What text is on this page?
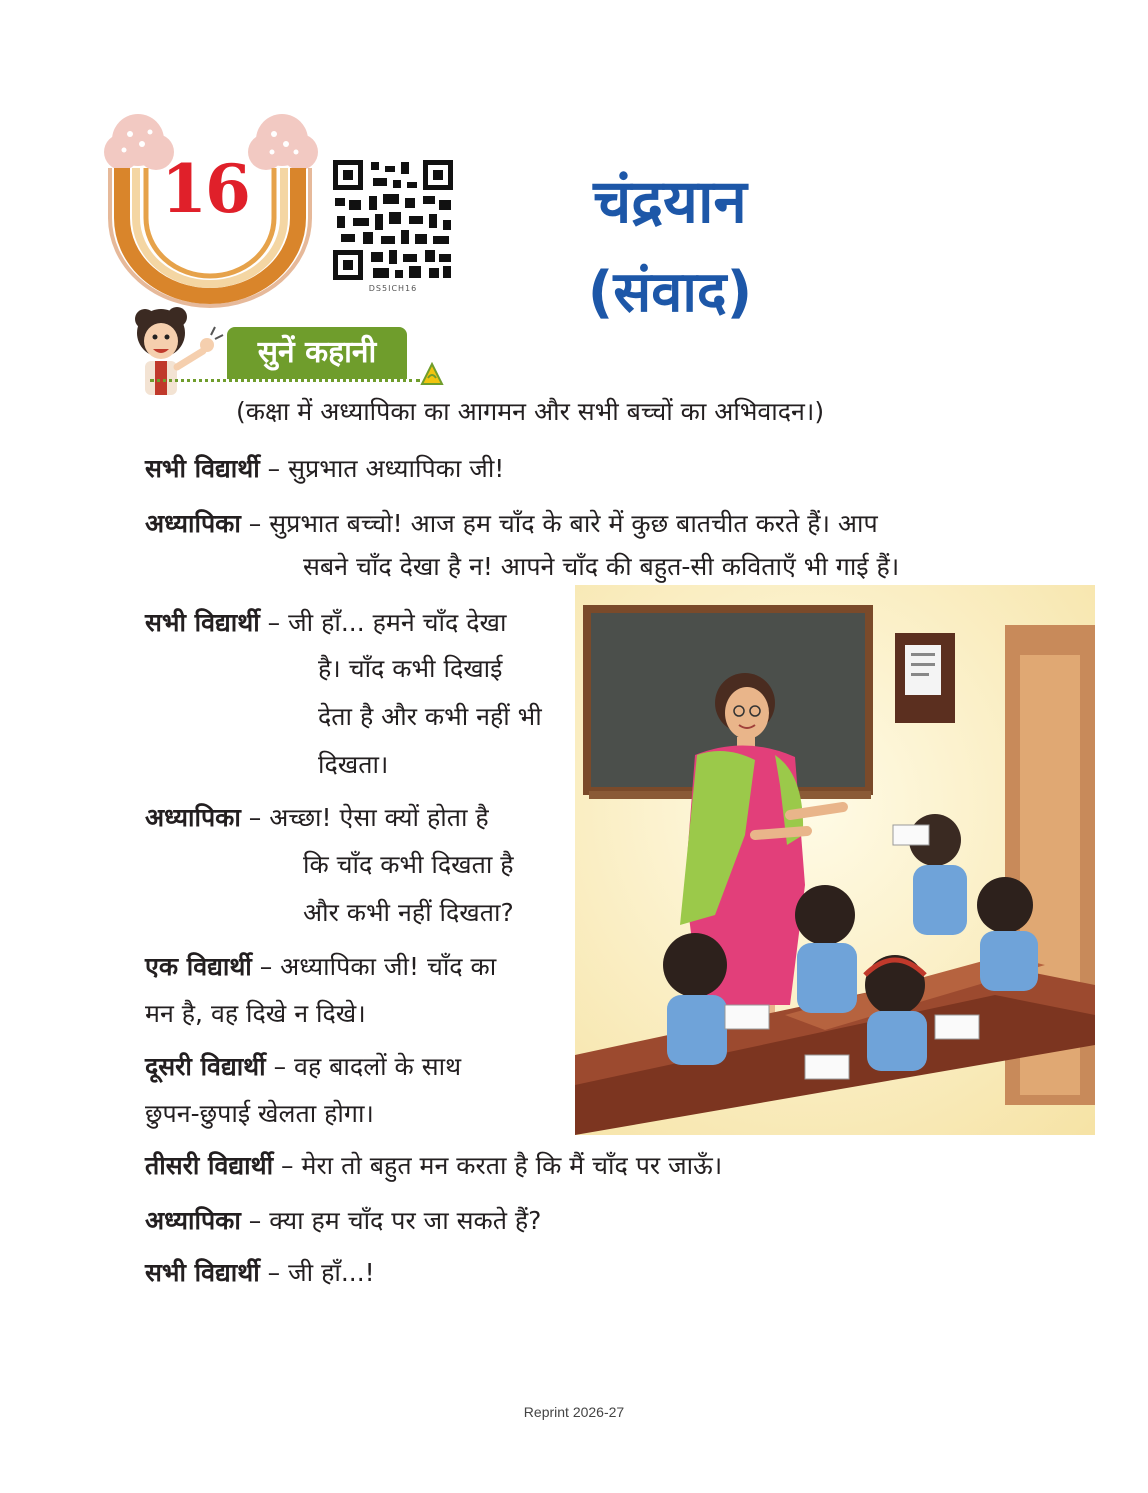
16
DS5ICH16
चंद्रयान
(संवाद)
सुनें कहानी
(कक्षा में अध्यापिका का आगमन और सभी बच्चों का अभिवादन।)
सभी विद्यार्थी – सुप्रभात अध्यापिका जी!
अध्यापिका – सुप्रभात बच्चो! आज हम चाँद के बारे में कुछ बातचीत करते हैं। आप
सबने चाँद देखा है न! आपने चाँद की बहुत-सी कविताएँ भी गाई हैं।
सभी विद्यार्थी – जी हाँ... हमने चाँद देखा
है। चाँद कभी दिखाई
देता है और कभी नहीं भी
दिखता।
अध्यापिका – अच्छा! ऐसा क्यों होता है
कि चाँद कभी दिखता है
और कभी नहीं दिखता?
एक विद्यार्थी – अध्यापिका जी! चाँद का
मन है, वह दिखे न दिखे।
दूसरी विद्यार्थी – वह बादलों के साथ
छुपन-छुपाई खेलता होगा।
तीसरी विद्यार्थी – मेरा तो बहुत मन करता है कि मैं चाँद पर जाऊँ।
अध्यापिका – क्या हम चाँद पर जा सकते हैं?
सभी विद्यार्थी – जी हाँ...!
Reprint 2026-27
